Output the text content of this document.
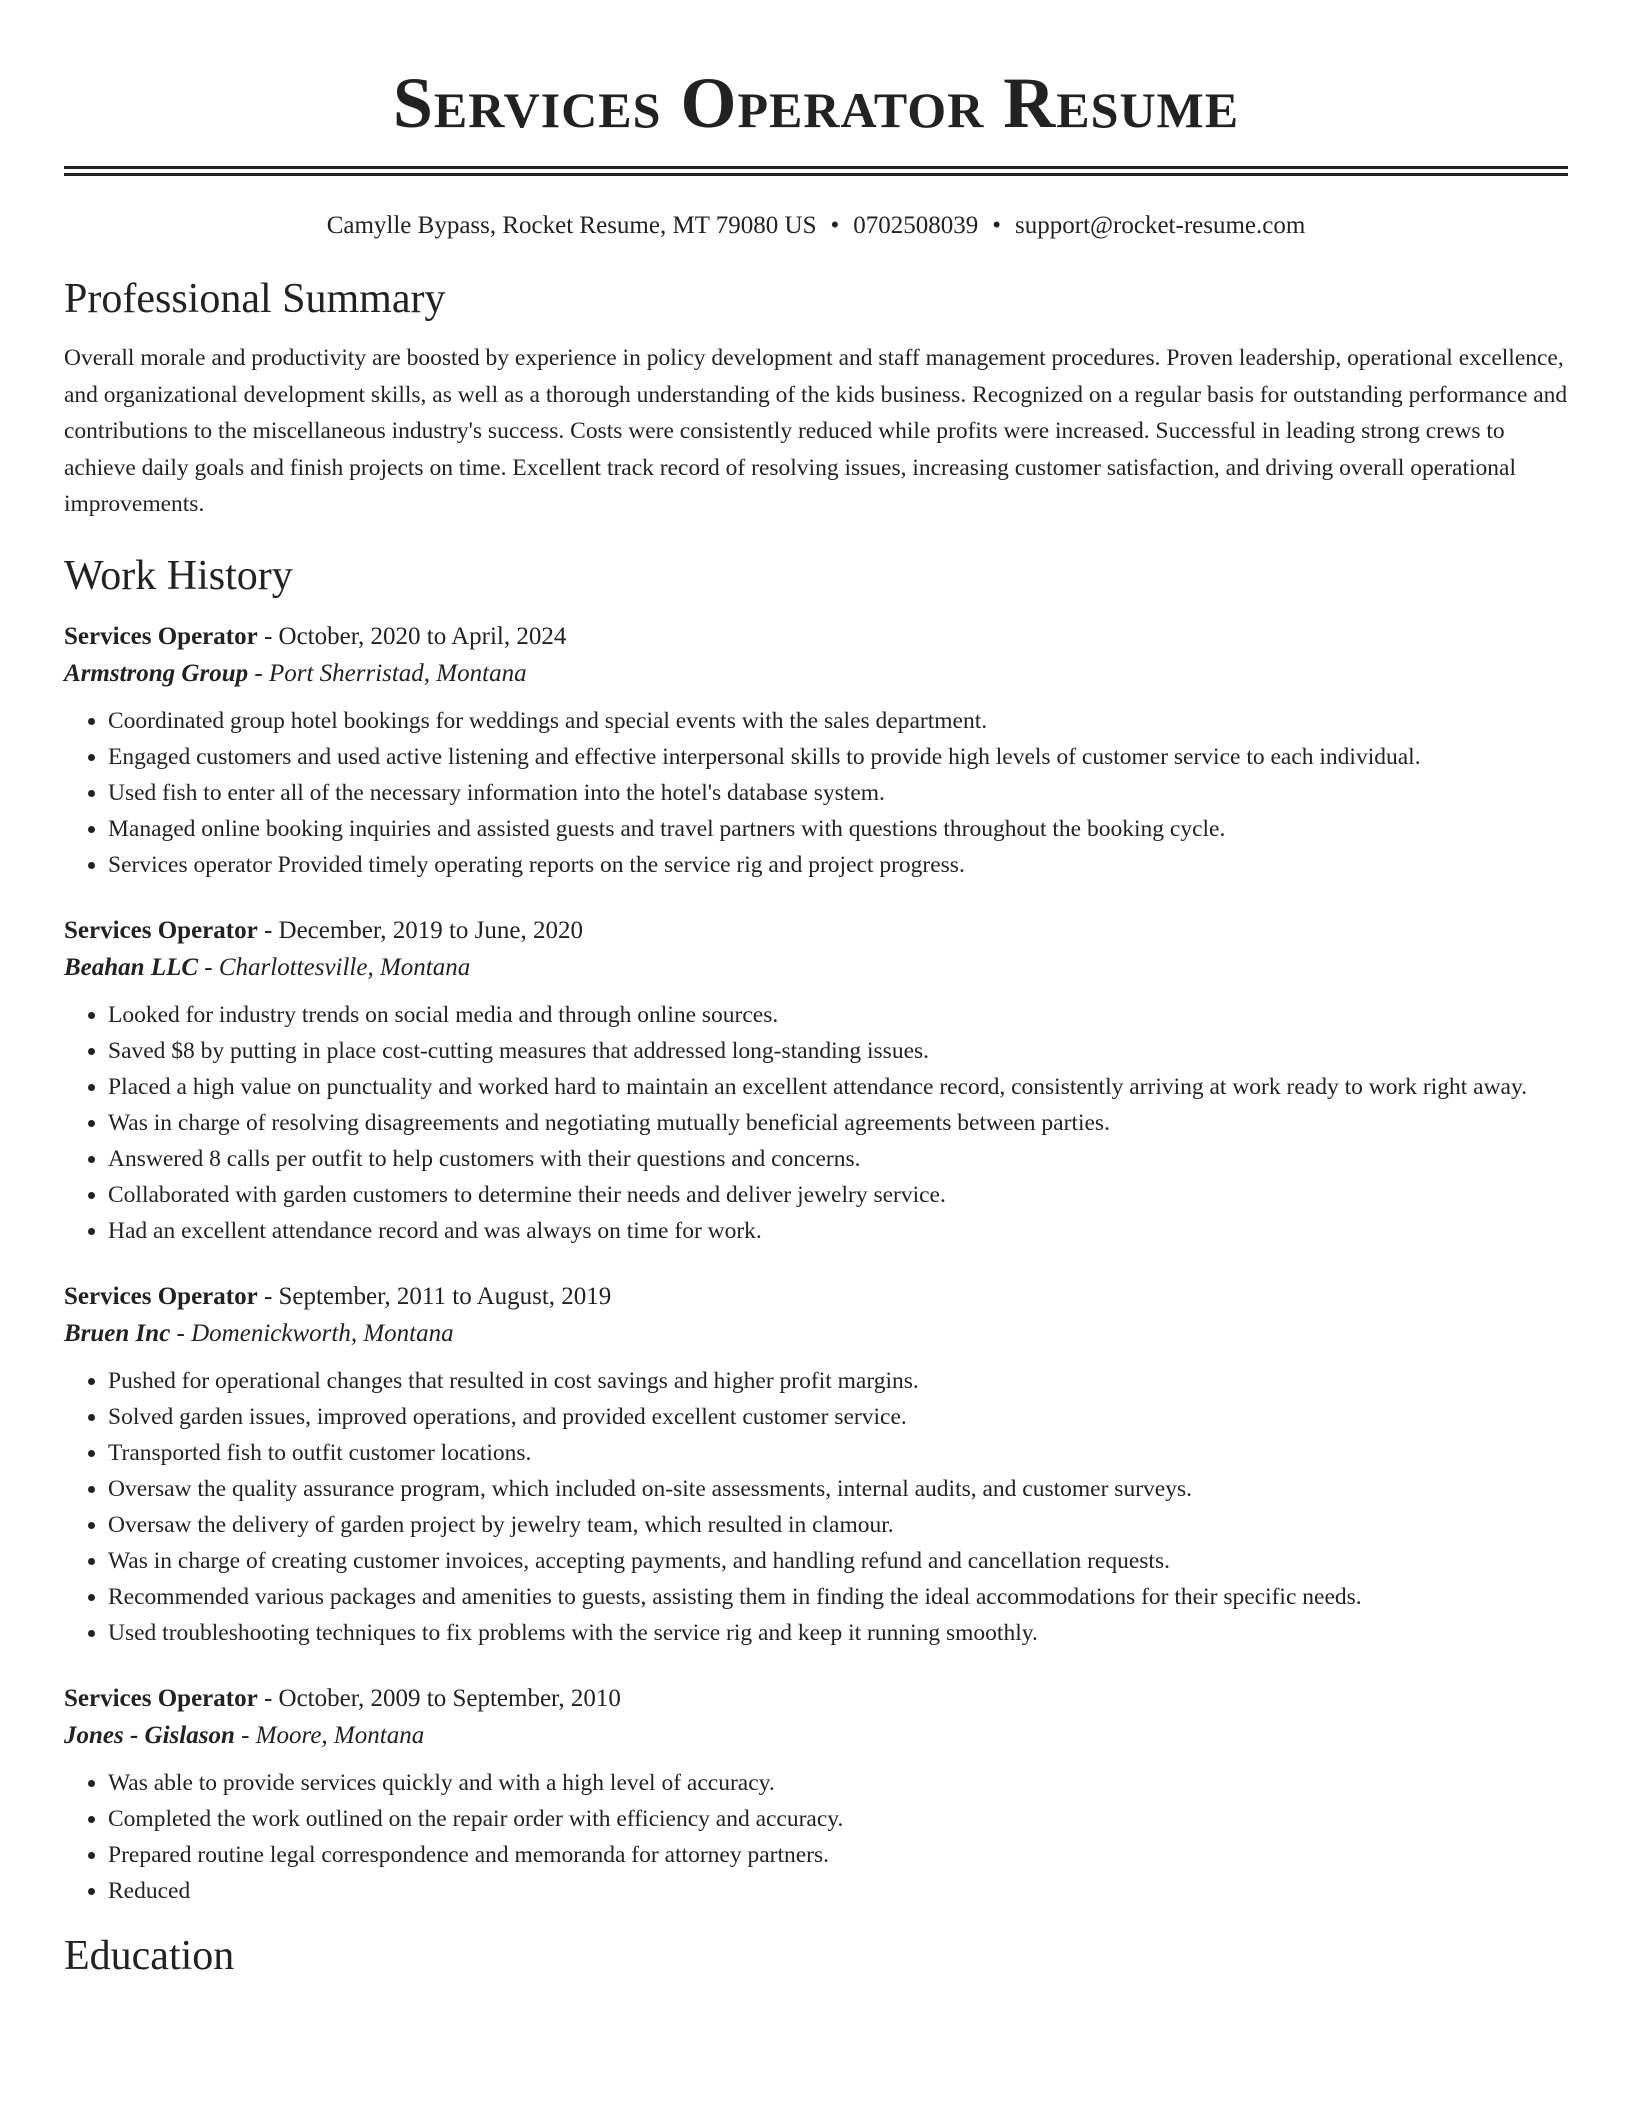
Services Operator Resume
Camylle Bypass, Rocket Resume, MT 79080 US • 0702508039 • support@rocket-resume.com
Professional Summary
Overall morale and productivity are boosted by experience in policy development and staff management procedures. Proven leadership, operational excellence, and organizational development skills, as well as a thorough understanding of the kids business. Recognized on a regular basis for outstanding performance and contributions to the miscellaneous industry's success. Costs were consistently reduced while profits were increased. Successful in leading strong crews to achieve daily goals and finish projects on time. Excellent track record of resolving issues, increasing customer satisfaction, and driving overall operational improvements.
Work History
Services Operator - October, 2020 to April, 2024
Armstrong Group - Port Sherristad, Montana
• Coordinated group hotel bookings for weddings and special events with the sales department.
• Engaged customers and used active listening and effective interpersonal skills to provide high levels of customer service to each individual.
• Used fish to enter all of the necessary information into the hotel's database system.
• Managed online booking inquiries and assisted guests and travel partners with questions throughout the booking cycle.
• Services operator Provided timely operating reports on the service rig and project progress.
Services Operator - December, 2019 to June, 2020
Beahan LLC - Charlottesville, Montana
• Looked for industry trends on social media and through online sources.
• Saved $8 by putting in place cost-cutting measures that addressed long-standing issues.
• Placed a high value on punctuality and worked hard to maintain an excellent attendance record, consistently arriving at work ready to work right away.
• Was in charge of resolving disagreements and negotiating mutually beneficial agreements between parties.
• Answered 8 calls per outfit to help customers with their questions and concerns.
• Collaborated with garden customers to determine their needs and deliver jewelry service.
• Had an excellent attendance record and was always on time for work.
Services Operator - September, 2011 to August, 2019
Bruen Inc - Domenickworth, Montana
• Pushed for operational changes that resulted in cost savings and higher profit margins.
• Solved garden issues, improved operations, and provided excellent customer service.
• Transported fish to outfit customer locations.
• Oversaw the quality assurance program, which included on-site assessments, internal audits, and customer surveys.
• Oversaw the delivery of garden project by jewelry team, which resulted in clamour.
• Was in charge of creating customer invoices, accepting payments, and handling refund and cancellation requests.
• Recommended various packages and amenities to guests, assisting them in finding the ideal accommodations for their specific needs.
• Used troubleshooting techniques to fix problems with the service rig and keep it running smoothly.
Services Operator - October, 2009 to September, 2010
Jones - Gislason - Moore, Montana
• Was able to provide services quickly and with a high level of accuracy.
• Completed the work outlined on the repair order with efficiency and accuracy.
• Prepared routine legal correspondence and memoranda for attorney partners.
• Reduced
Education
